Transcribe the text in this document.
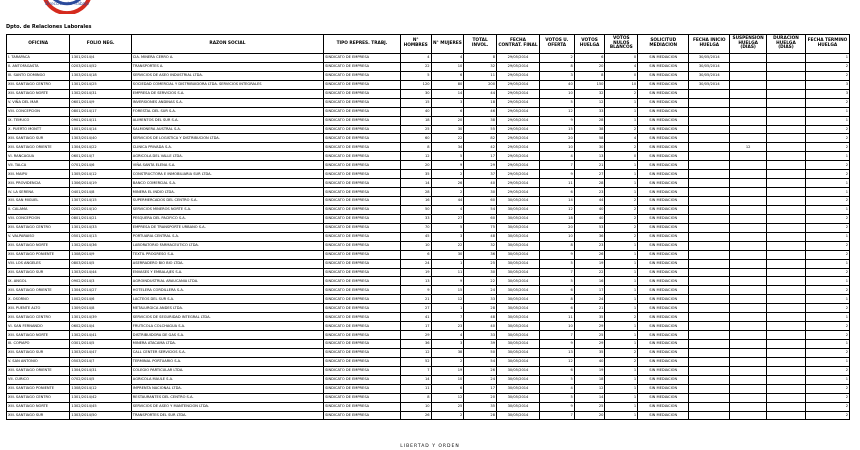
Dirección del Trabajo
Dpto. de Relaciones Laborales
OFICINA	FOLIO NEG.	RAZON SOCIAL	TIPO REPRES. TRABJ.	N° HOMBRES	N° MUJERES	TOTAL INVOL.	FECHA CONTRAT. FINAL	VOTOS U. OFERTA	VOTOS HUELGA	VOTOS NULOS BLANCOS	SOLICITUD MEDIACION	FECHA INICIO HUELGA	SUSPENSION HUELGA (DIAS)	DURACION HUELGA (DIAS)	FECHA TERMINO HUELGA
I. TARAPACA	1301/2014/4	CIA. MINERA CERRO A.	SINDICATO DE EMPRESA	4	4	8	29/05/2014	2	6	0	SIN MEDIACION	30/05/2014			1
II. ANTOFAGASTA	0203/2014/52	TRANSPORTES A.	SINDICATO DE EMPRESA	22	10	32	29/05/2014	8	20	4	SIN MEDIACION	30/05/2014			2
III. SANTO DOMINGO	1303/2014/18	SERVICIOS DE ASEO INDUSTRIAL LTDA.	SINDICATO DE EMPRESA	5	6	11	29/05/2014	3	8	0	SIN MEDIACION	30/05/2014			2
XIII. SANTIAGO CENTRO	1301/2014/25	SOCIEDAD COMERCIAL Y DISTRIBUIDORA LTDA. SERVICIOS INTEGRALES	SINDICATO DE EMPRESA	120	80	200	29/05/2014	40	150	10	SIN MEDIACION	30/05/2014			3
XIII. SANTIAGO NORTE	1302/2014/31	EMPRESA DE SERVICIOS S.A.	SINDICATO DE EMPRESA	30	14	44	29/05/2014	10	32	2	SIN MEDIACION				3
V. VIÑA DEL MAR	0601/2014/9	INVERSIONES ANDINAS S.A.	SINDICATO DE EMPRESA	15	3	18	29/05/2014	5	12	1	SIN MEDIACION				2
VIII. CONCEPCION	0801/2014/17	FORESTAL DEL SUR S.A.	SINDICATO DE EMPRESA	40	6	46	29/05/2014	12	33	1	SIN MEDIACION				1
IX. TEMUCO	0901/2014/11	ALIMENTOS DEL SUR S.A.	SINDICATO DE EMPRESA	18	20	38	29/05/2014	9	28	1	SIN MEDIACION				1
X. PUERTO MONTT	1001/2014/14	SALMONERA AUSTRAL S.A.	SINDICATO DE EMPRESA	25	30	55	29/05/2014	15	38	2	SIN MEDIACION				2
XIII. SANTIAGO SUR	1303/2014/40	SERVICIOS DE LOGISTICA Y DISTRIBUCION LTDA.	SINDICATO DE EMPRESA	60	22	82	29/05/2014	20	58	4	SIN MEDIACION				2
XIII. SANTIAGO ORIENTE	1304/2014/22	CLINICA PRIVADA S.A.	SINDICATO DE EMPRESA	8	34	42	29/05/2014	10	30	2	SIN MEDIACION		12		2
VI. RANCAGUA	0601/2014/7	AGRICOLA DEL VALLE LTDA.	SINDICATO DE EMPRESA	12	5	17	29/05/2014	4	13	0	SIN MEDIACION				1
VII. TALCA	0701/2014/6	VIÑA SANTA ELENA S.A.	SINDICATO DE EMPRESA	20	9	29	29/05/2014	7	21	1	SIN MEDIACION				2
XIII. MAIPU	1305/2014/12	CONSTRUCTORA E INMOBILIARIA SUR LTDA.	SINDICATO DE EMPRESA	35	2	37	29/05/2014	9	27	1	SIN MEDIACION				2
XIII. PROVIDENCIA	1306/2014/19	BANCO COMERCIAL S.A.	SINDICATO DE EMPRESA	14	26	40	29/05/2014	11	28	1	SIN MEDIACION				1
IV. LA SERENA	0401/2014/8	MINERA EL INDIO LTDA.	SINDICATO DE EMPRESA	28	2	30	29/05/2014	6	23	1	SIN MEDIACION				1
XIII. SAN MIGUEL	1307/2014/15	SUPERMERCADOS DEL CENTRO S.A.	SINDICATO DE EMPRESA	16	44	60	30/05/2014	14	44	2	SIN MEDIACION				2
II. CALAMA	0202/2014/10	SERVICIOS MINEROS NORTE S.A.	SINDICATO DE EMPRESA	50	4	54	30/05/2014	12	40	2	SIN MEDIACION				1
VIII. CONCEPCION	0801/2014/21	PESQUERA DEL PACIFICO S.A.	SINDICATO DE EMPRESA	33	27	60	30/05/2014	18	40	2	SIN MEDIACION				2
XIII. SANTIAGO CENTRO	1301/2014/33	EMPRESA DE TRANSPORTE URBANO S.A.	SINDICATO DE EMPRESA	70	5	75	30/05/2014	20	53	2	SIN MEDIACION				2
V. VALPARAISO	0501/2014/13	PORTUARIA CENTRAL S.A.	SINDICATO DE EMPRESA	45	3	48	30/05/2014	10	36	2	SIN MEDIACION				1
XIII. SANTIAGO NORTE	1302/2014/36	LABORATORIO FARMACEUTICO LTDA.	SINDICATO DE EMPRESA	10	22	32	30/05/2014	8	23	1	SIN MEDIACION				2
XIII. SANTIAGO PONIENTE	1308/2014/9	TEXTIL PROGRESO S.A.	SINDICATO DE EMPRESA	6	30	36	30/05/2014	9	26	1	SIN MEDIACION				2
VIII. LOS ANGELES	0803/2014/5	ASERRADERO BIO BIO LTDA.	SINDICATO DE EMPRESA	24	1	25	30/05/2014	5	19	1	SIN MEDIACION				1
XIII. SANTIAGO SUR	1303/2014/44	ENVASES Y EMBALAJES S.A.	SINDICATO DE EMPRESA	19	11	30	30/05/2014	7	22	1	SIN MEDIACION				2
IX. ANGOL	0902/2014/3	AGROINDUSTRIAL ARAUCANIA LTDA.	SINDICATO DE EMPRESA	13	9	22	30/05/2014	5	16	1	SIN MEDIACION				1
XIII. SANTIAGO ORIENTE	1304/2014/27	HOTELERA CORDILLERA S.A.	SINDICATO DE EMPRESA	9	15	24	30/05/2014	6	17	1	SIN MEDIACION				2
X. OSORNO	1002/2014/6	LACTEOS DEL SUR S.A.	SINDICATO DE EMPRESA	21	12	33	30/05/2014	8	24	1	SIN MEDIACION				1
XIII. PUENTE ALTO	1309/2014/8	METALURGICA ANDES LTDA.	SINDICATO DE EMPRESA	27	1	28	30/05/2014	6	21	1	SIN MEDIACION				2
XIII. SANTIAGO CENTRO	1301/2014/39	SERVICIOS DE SEGURIDAD INTEGRAL LTDA.	SINDICATO DE EMPRESA	41	7	48	30/05/2014	11	35	2	SIN MEDIACION				1
VI. SAN FERNANDO	0602/2014/4	FRUTICOLA COLCHAGUA S.A.	SINDICATO DE EMPRESA	17	23	40	30/05/2014	10	29	1	SIN MEDIACION				2
XIII. SANTIAGO NORTE	1302/2014/41	DISTRIBUIDORA DE GAS S.A.	SINDICATO DE EMPRESA	29	4	33	30/05/2014	7	25	1	SIN MEDIACION				2
III. COPIAPO	0301/2014/5	MINERA ATACAMA LTDA.	SINDICATO DE EMPRESA	36	3	39	30/05/2014	9	29	1	SIN MEDIACION				1
XIII. SANTIAGO SUR	1303/2014/47	CALL CENTER SERVICIOS S.A.	SINDICATO DE EMPRESA	12	38	50	30/05/2014	13	35	2	SIN MEDIACION				2
V. SAN ANTONIO	0503/2014/7	TERMINAL PORTUARIO S.A.	SINDICATO DE EMPRESA	52	2	54	30/05/2014	12	40	2	SIN MEDIACION				1
XIII. SANTIAGO ORIENTE	1304/2014/31	COLEGIO PARTICULAR LTDA.	SINDICATO DE EMPRESA	7	19	26	30/05/2014	6	19	1	SIN MEDIACION				2
VII. CURICO	0702/2014/5	AGRICOLA MAULE S.A.	SINDICATO DE EMPRESA	14	10	24	30/05/2014	5	18	1	SIN MEDIACION				1
XIII. SANTIAGO PONIENTE	1308/2014/12	IMPRENTA NACIONAL LTDA.	SINDICATO DE EMPRESA	11	6	17	30/05/2014	4	12	1	SIN MEDIACION				2
XIII. SANTIAGO CENTRO	1301/2014/42	RESTAURANTES DEL CENTRO S.A.	SINDICATO DE EMPRESA	8	12	20	30/05/2014	5	14	1	SIN MEDIACION				2
XIII. SANTIAGO NORTE	1302/2014/45	SERVICIOS DE ASEO Y MANTENCION LTDA.	SINDICATO DE EMPRESA	10	25	35	30/05/2014	9	25	1	SIN MEDIACION				2
XIII. SANTIAGO SUR	1303/2014/50	TRANSPORTES DEL SUR LTDA.	SINDICATO DE EMPRESA	26	2	28	30/05/2014	7	20	1	SIN MEDIACION				2
LIBERTAD Y ORDEN
